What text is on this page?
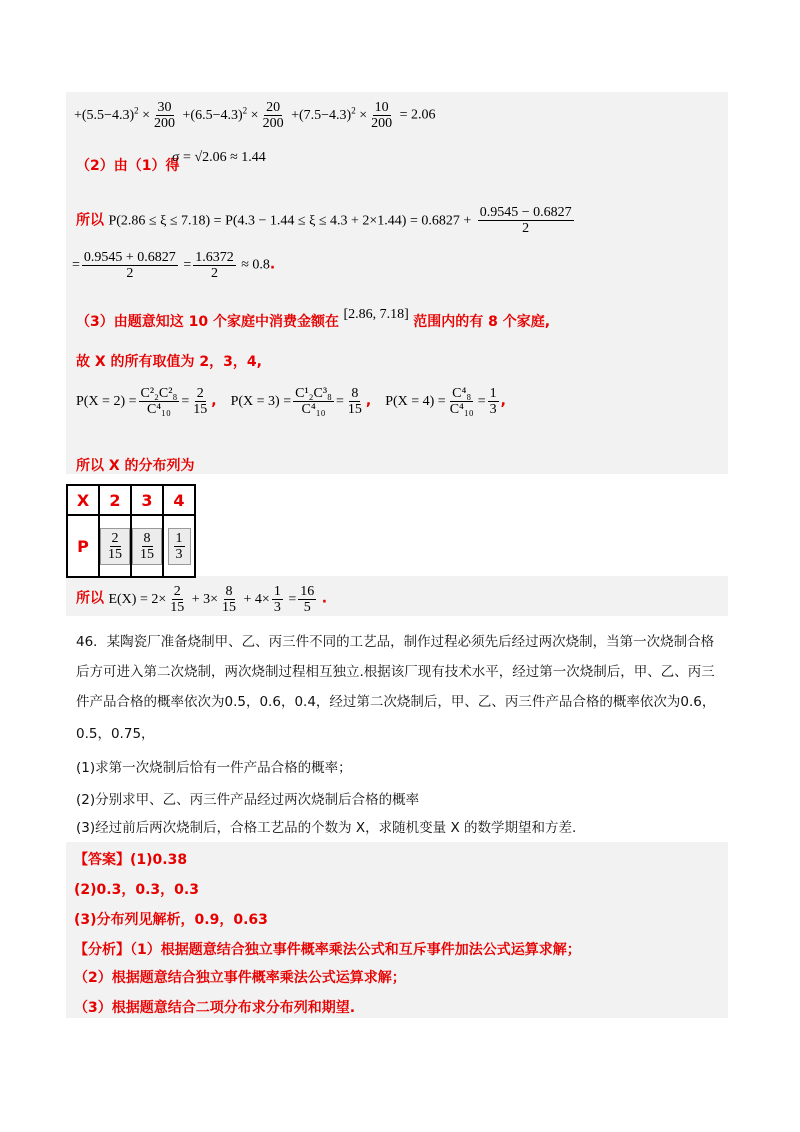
$+(5.5-4.3)^2 \times \frac{30}{200} +(6.5-4.3)^2 \times \frac{20}{200} +(7.5-4.3)^2 \times \frac{10}{200} = 2.06$
（2）由（1）得
σ = √2.06 ≈ 1.44
所以 $P(2.86 \le \xi \le 7.18) = P(4.3 - 1.44 \le \xi \le 4.3 + 2\times 1.44) = 0.6827 + \frac{0.9545 - 0.6827}{2}$
= $\frac{0.9545 + 0.6827}{2} = \frac{1.6372}{2} \approx 0.8$.
（3）由题意知这 10 个家庭中消费金额在 [2.86, 7.18] 范围内的有 8 个家庭,
故 X 的所有取值为 2，3，4,
$P(X = 2) = \frac{\text{C²₂C²₈}}{\text{C⁴₁₀}} = \frac{2}{15}$ , $P(X = 3) = \frac{\text{C¹₂C³₈}}{\text{C⁴₁₀}} = \frac{8}{15}$ , $P(X = 4) = \frac{\text{C⁴₈}}{\text{C⁴₁₀}} = \frac{1}{3}$ ,
所以 X 的分布列为
X	2	3	4

P	$\frac{2}{15}$	$\frac{8}{15}$	$\frac{1}{3}$
所以 $E(X) = 2\times \frac{2}{15} + 3\times \frac{8}{15} + 4\times \frac{1}{3} = \frac{16}{5}$ .
46．某陶瓷厂准备烧制甲、乙、丙三件不同的工艺品，制作过程必须先后经过两次烧制，当第一次烧制合格
后方可进入第二次烧制，两次烧制过程相互独立.根据该厂现有技术水平，经过第一次烧制后，甲、乙、丙三
件产品合格的概率依次为0.5，0.6，0.4，经过第二次烧制后，甲、乙、丙三件产品合格的概率依次为0.6，
0.5，0.75，
(1)求第一次烧制后恰有一件产品合格的概率；
(2)分别求甲、乙、丙三件产品经过两次烧制后合格的概率
(3)经过前后两次烧制后，合格工艺品的个数为 X，求随机变量 X 的数学期望和方差.
【答案】(1)0.38
(2)0.3，0.3，0.3
(3)分布列见解析，0.9，0.63
【分析】（1）根据题意结合独立事件概率乘法公式和互斥事件加法公式运算求解；
（2）根据题意结合独立事件概率乘法公式运算求解；
（3）根据题意结合二项分布求分布列和期望.
